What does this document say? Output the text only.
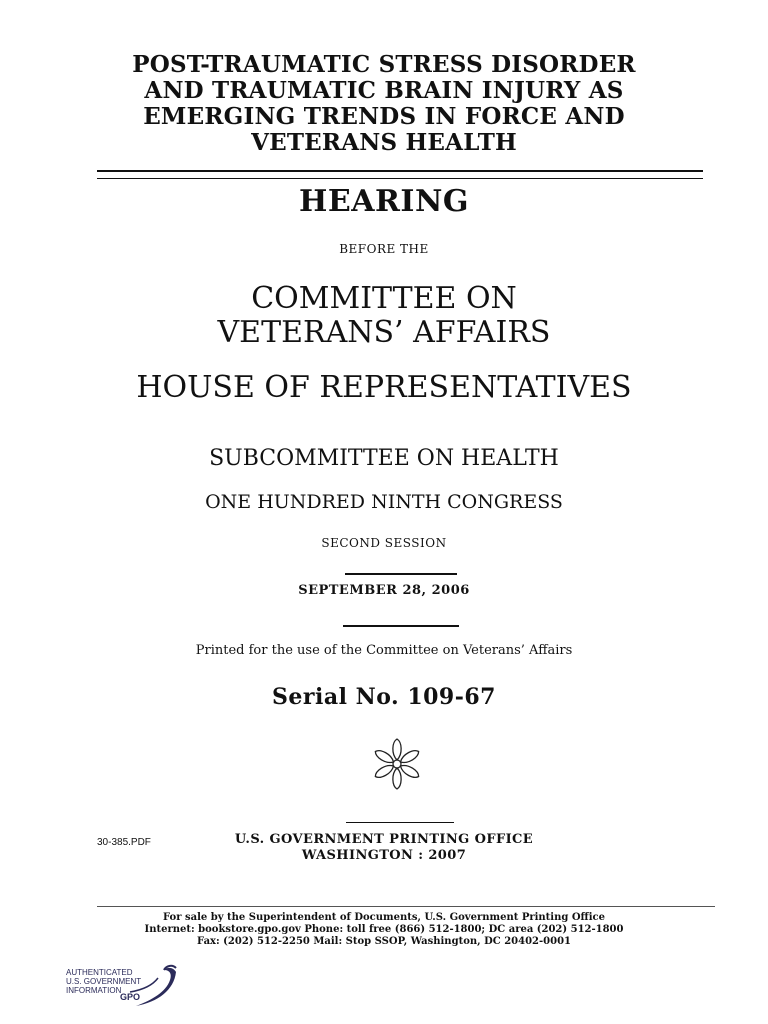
POST-TRAUMATIC STRESS DISORDER
AND TRAUMATIC BRAIN INJURY AS
EMERGING TRENDS IN FORCE AND
VETERANS HEALTH
HEARING
BEFORE THE
COMMITTEE ON
VETERANS’ AFFAIRS
HOUSE OF REPRESENTATIVES
SUBCOMMITTEE ON HEALTH
ONE HUNDRED NINTH CONGRESS
SECOND SESSION
SEPTEMBER 28, 2006
Printed for the use of the Committee on Veterans’ Affairs
Serial No. 109-67
30-385.PDF	U.S. GOVERNMENT PRINTING OFFICE
WASHINGTON : 2007
For sale by the Superintendent of Documents, U.S. Government Printing Office
Internet: bookstore.gpo.gov Phone: toll free (866) 512-1800; DC area (202) 512-1800
Fax: (202) 512-2250 Mail: Stop SSOP, Washington, DC 20402-0001
AUTHENTICATED
U.S. GOVERNMENT
INFORMATION
GPO
